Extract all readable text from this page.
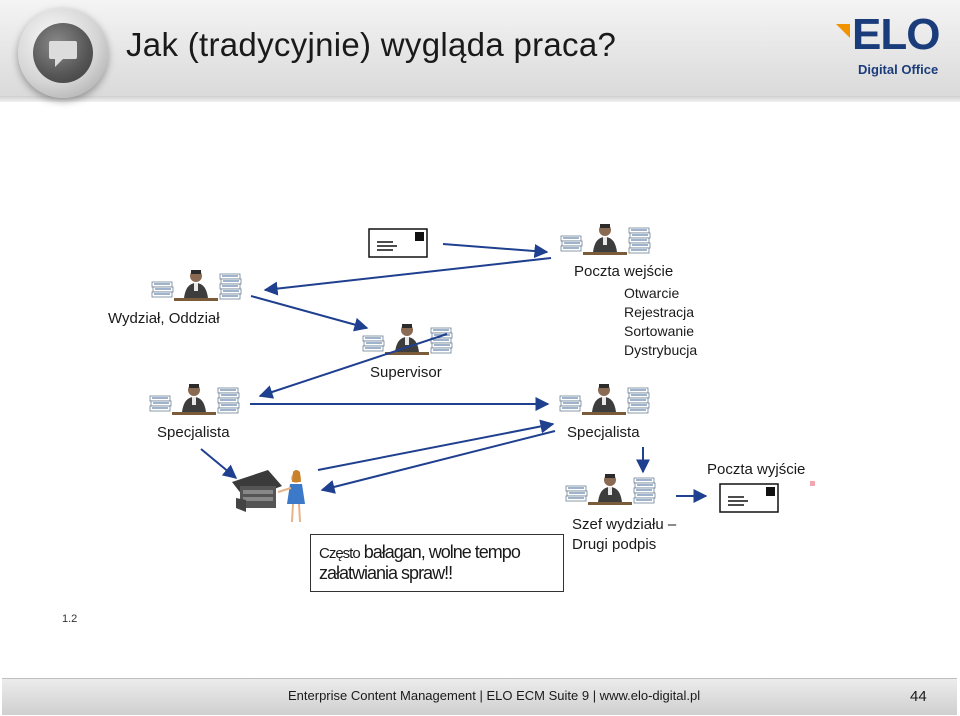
Jak (tradycyjnie) wygląda praca?	ELO
Digital Office
Wydział, Oddział
Supervisor
Poczta wejście
Otwarcie
Rejestracja
Sortowanie
Dystrybucja
Specjalista	Specjalista
Poczta wyjście
Szef wydziału –
Drugi podpis
Często bałagan, wolne tempo
załatwiania spraw!!
1.2
Enterprise Content Management | ELO ECM Suite 9 | www.elo-digital.pl	44
